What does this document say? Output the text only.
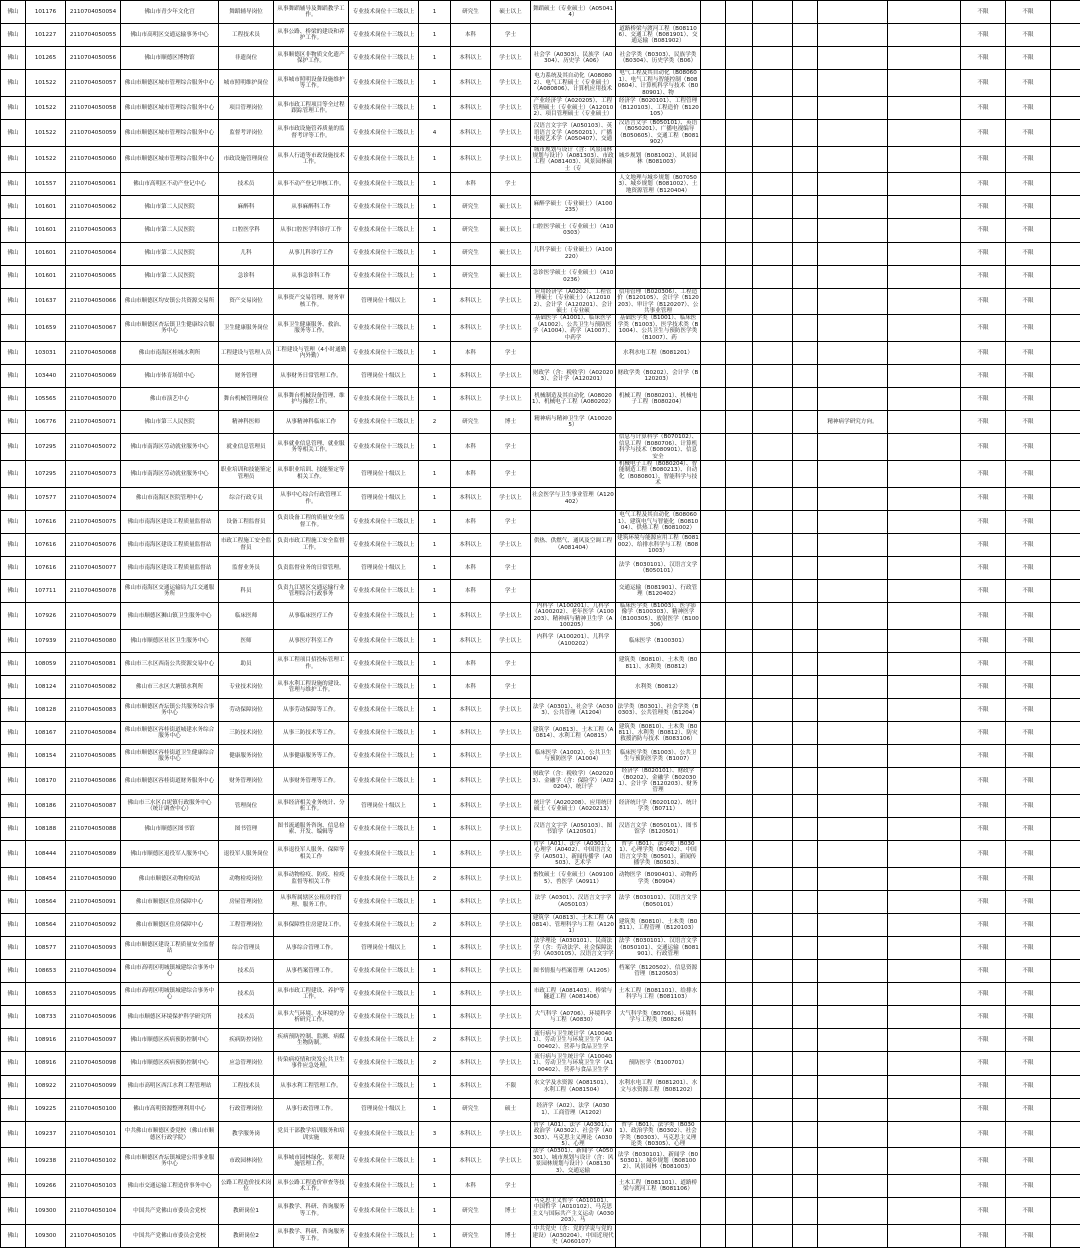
佛山	101176	2110704050054	佛山市青少年文化宫	舞蹈辅导岗位	从事舞蹈辅导及舞蹈教学工作。	专业技术岗位十三级以上	1	研究生	硕士以上	舞蹈硕士（专业硕士）（A050414）								不限	不限	
佛山	101227	2110704050055	佛山市高明区交通运输事务中心	工程技术员	从事公路、桥梁的建设和养护工作。	专业技术岗位十三级以上	1	本科	学士		道路桥梁与渡河工程（B081106）、交通工程（B081901）、交通运输（B081902）							不限	不限	
佛山	101265	2110704050056	佛山市顺德区博物馆	非遗岗位	从事顺德区非物质文化遗产保护工作。	专业技术岗位十三级以上	1	本科以上	学士以上	社会学（A0303）、民族学（A0304）、历史学（A06）	社会学类（B0303）、民族学类（B0304）、历史学类（B06）							不限	不限	
佛山	101522	2110704050057	佛山市顺德区城市管理综合服务中心	城市照明维护岗位	从事城市照明设备设施维护等工作。	专业技术岗位十三级以上	1	本科以上	学士以上	电力系统及其自动化（A080802）、电气工程硕士（专业硕士）（A080806）、计算机应用技术	电气工程及其自动化（B080601）、电气工程与智能控制（B080604）、计算机科学与技术（B080901）、物							不限	不限	
佛山	101522	2110704050058	佛山市顺德区城市管理综合服务中心	项目管理岗位	从事市政工程项目等全过程跟踪管理工作。	专业技术岗位十三级以上	1	本科以上	学士以上	产业经济学（A020205）、工程管理硕士（专业硕士）（A120102）、项目管理硕士（专业硕士）	经济学（B020101）、工程管理（B120103）、工程造价（B120105）							不限	不限	
佛山	101522	2110704050059	佛山市顺德区城市管理综合服务中心	监督考评岗位	从事市政设施管养质量的监督考评等工作。	专业技术岗位十三级以上	4	本科以上	学士以上	汉语言文字学（A050103）、英语语言文学（A050201）、广播电视艺术学（A050407）、交通	汉语言文学（B050101）、英语（B050201）、广播电视编导（B050605）、交通工程（B081902）							不限	不限	
佛山	101522	2110704050060	佛山市顺德区城市管理综合服务中心	市政设施管理岗位	从事人行道等市政设施技术工作。	专业技术岗位十三级以上	1	本科以上	学士以上	城市规划与设计（含：风景园林规划与设计）（A081303）、市政工程（A081403）、风景园林硕士（专	城乡规划（B081002）、风景园林（B081003）							不限	不限	
佛山	101557	2110704050061	佛山市高明区不动产登记中心	技术员	从事不动产登记审核工作。	专业技术岗位十三级以上	1	本科	学士		人文地理与城乡规划（B070503）、城乡规划（B081002）、土地资源管理（B120404）							不限	不限	
佛山	101601	2110704050062	佛山市第二人民医院	麻醉科	从事麻醉科工作	专业技术岗位十三级以上	1	研究生	硕士以上	麻醉学硕士（专业硕士）（A100235）								不限	不限	
佛山	101601	2110704050063	佛山市第二人民医院	口腔医学科	从事口腔医学科诊疗工作	专业技术岗位十三级以上	1	研究生	硕士以上	口腔医学硕士（专业硕士）（A100303）								不限	不限	
佛山	101601	2110704050064	佛山市第二人民医院	儿科	从事儿科诊疗工作	专业技术岗位十三级以上	1	研究生	硕士以上	儿科学硕士（专业硕士）（A100220）								不限	不限	
佛山	101601	2110704050065	佛山市第二人民医院	急诊科	从事急诊科工作	专业技术岗位十三级以上	1	研究生	硕士以上	急诊医学硕士（专业硕士）（A100236）								不限	不限	
佛山	101637	2110704050066	佛山市顺德区均安镇公共资源交易所	资产交易岗位	从事资产交易管理、财务审核工作。	管理岗位十级以上	1	本科以上	学士以上	应用经济学（A0202）、工程管理硕士（专业硕士）（A120102）、会计学（A120201）、会计硕士（专业硕	信用管理（B020306）、工程造价（B120105）、会计学（B120203）、审计学（B120207）、公共事业管理							不限	不限	
佛山	101659	2110704050067	佛山市顺德区杏坛镇卫生健康综合服务中心	卫生健康服务岗位	从事卫生健康服务、救治、服务等工作。	专业技术岗位十三级以上	1	本科以上	学士以上	基础医学（A1001）、临床医学（A1002）、公共卫生与预防医学（A1004）、药学（A1007）、中药学	基础医学类（B1001）、临床医学类（B1003）、医学技术类（B1004）、公共卫生与预防医学类（B1007）、药							不限	不限	
佛山	103031	2110704050068	佛山市南海区桂城水利所	工程建设与管理人员	工程建设与管理（4小时通勤内外勤）	专业技术岗位十三级以上	1	本科	学士		水利水电工程（B081201）							不限	不限	
佛山	103440	2110704050069	佛山市体育场馆中心	财务管理	从事财务日常管理工作。	管理岗位十级以上	1	本科以上	学士以上	财政学（含：税收学）（A020203）、会计学（A120201）	财政学类（B0202）、会计学（B120203）							不限	不限	
佛山	105565	2110704050070	佛山市演艺中心	舞台机械管理岗位	从事舞台机械设备管理、维护与操控工作。	专业技术岗位十三级以上	1	本科以上	学士以上	机械制造及其自动化（A080201）、机械电子工程（A080202）	机械工程（B080201）、机械电子工程（B080204）							不限	不限	
佛山	106776	2110704050071	佛山市第三人民医院	精神科医师	从事精神科临床工作	专业技术岗位十三级以上	2	研究生	博士	精神病与精神卫生学（A100205）						精神病学研究方向。		不限	不限	
佛山	107295	2110704050072	佛山市南海区劳动就业服务中心	就业信息管理员	从事就业信息管理、就业服务等相关工作。	专业技术岗位十三级以上	1	本科	学士		信息与计算科学（B070102）、信息工程（B080706）、计算机科学与技术（B080901）、信息安全							不限	不限	
佛山	107295	2110704050073	佛山市南海区劳动就业服务中心	职业培训和技能鉴定管理员	从事职业培训、技能鉴定等相关工作。	管理岗位十级以上	1	本科	学士		机械电子工程（B080204）、智能制造工程（B080213）、自动化（B080801）、智能科学与技术							不限	不限	
佛山	107577	2110704050074	佛山市南海区医院管理中心	综合行政专员	从事中心综合行政管理工作。	管理岗位十级以上	1	本科以上	学士以上	社会医学与卫生事业管理（A120402）								不限	不限	
佛山	107616	2110704050075	佛山市南海区建设工程质量监督站	设备工程监督员	负责设备工程的质量安全监督工作。	专业技术岗位十三级以上	1	本科	学士		电气工程及其自动化（B080601）、建筑电气与智能化（B081004）、供热工程（B081002）							不限	不限	
佛山	107616	2110704050076	佛山市南海区建设工程质量监督站	市政工程施工安全监督员	负责市政工程施工安全监督工作。	专业技术岗位十三级以上	1	本科以上	学士以上	供热、供燃气、通风及空调工程（A081404）	建筑环境与能源应用工程（B081002）、给排水科学与工程（B081003）							不限	不限	
佛山	107616	2110704050077	佛山市南海区建设工程质量监督站	监督业务员	负责监督业务的日常管理。	管理岗位十级以上	1	本科	学士		法学（B030101）、汉语言文学（B050101）							不限	不限	
佛山	107711	2110704050078	佛山市南海区交通运输局九江交通服务所	科员	负责九江辖区交通运输行业管理综合行政事务	专业技术岗位十三级以上	1	本科	学士		交通运输（B081901）、行政管理（B120402）							不限	不限	
佛山	107926	2110704050079	佛山市顺德区狮山镇卫生服务中心	临床医师	从事临床医疗工作	专业技术岗位十三级以上	1	本科以上	学士以上	内科学（A100201）、儿科学（A100202）、老年医学（A100203）、精神病与精神卫生学（A100205）	临床医学类（B1003）、医学影像学（B100303）、精神医学（B100305）、放射医学（B100306）							不限	不限	
佛山	107939	2110704050080	佛山市顺德区社区卫生服务中心	医师	从事医疗科室工作	专业技术岗位十三级以上	1	本科以上	学士以上	内科学（A100201）、儿科学（A100202）	临床医学（B100301）							不限	不限	
佛山	108059	2110704050081	佛山市三水区西南公共资源交易中心	助员	从事工程项目招投标管理工作。	专业技术岗位十三级以上	1	本科	学士		建筑类（B0810）、土木类（B0811）、水利类（B0812）							不限	不限	
佛山	108124	2110704050082	佛山市三水区大塘镇水利所	专业技术岗位	从事水利工程设施的建设、管理与维护工作。	专业技术岗位十三级以上	1	本科	学士		水利类（B0812）							不限	不限	
佛山	108128	2110704050083	佛山市顺德区杏坛镇公共服务综合事务中心	劳动保障岗位	从事劳动保障等工作。	专业技术岗位十三级以上	1	本科以上	学士以上	法学（A0301）、社会学（A0303）、公共管理（A1204）	法学类（B0301）、社会学类（B0303）、公共管理类（B1204）							不限	不限	
佛山	108167	2110704050084	佛山市顺德区容桂街道城建水务综合服务中心	三防技术岗位	从事三防技术等工作。	专业技术岗位十三级以上	1	本科以上	学士以上	建筑学（A0813）、土木工程（A0814）、水利工程（A0815）	建筑类（B0810）、土木类（B0811）、水利类（B0812）、防灾救援消防与技术（B083106）							不限	不限	
佛山	108154	2110704050085	佛山市顺德区容桂街道卫生健康综合服务中心	健康服务岗位	从事健康服务等工作。	专业技术岗位十三级以上	1	本科以上	学士以上	临床医学（A1002）、公共卫生与预防医学（A1004）	临床医学类（B1003）、公共卫生与预防医学类（B1007）							不限	不限	
佛山	108170	2110704050086	佛山市顺德区容桂街道财务服务中心	财务管理岗位	从事财务管理等工作。	专业技术岗位十三级以上	1	本科以上	学士以上	财政学（含：税收学）（A020203）、金融学（含：保险学）（A020204）、统计学	经济学（B020101）、财政学（B0202）、金融学（B020301）、会计学（B120203）、财务管理							不限	不限	
佛山	108186	2110704050087	佛山市三水区白坭镇行政服务中心（统计调查中心）	管理岗位	从事经济相关业务统计、分析工作。	管理岗位十级以上	1	本科以上	学士以上	统计学（A020208）、应用统计硕士（专业硕士）（A020213）	经济统计学（B020102）、统计学类（B0711）							不限	不限	
佛山	108188	2110704050088	佛山市顺德区图书馆	图书管理	图书流通服务咨询、信息检索、开发、编辑等	专业技术岗位十三级以上	1	本科以上	学士以上	汉语言文字学（A050103）、图书馆学（A120501）	汉语言文学（B050101）、图书馆学（B120501）							不限	不限	
佛山	108444	2110704050089	佛山市顺德区退役军人服务中心	退役军人服务岗位	从事退役军人服务、保障等相关工作	专业技术岗位十三级以上	1	本科以上	学士以上	哲学（A01）、法学（A0301）、心理学（A0402）、中国语言文学（A0501）、新闻传播学（A0503）、艺术学	哲学（B01）、法学类（B0301）、心理学类（B0402）、中国语言文学类（B0501）、新闻传播学类（B0503）、							不限	不限	
佛山	108454	2110704050090	佛山市顺德区动物检疫站	动物检疫岗位	从事动物检疫、防疫、检疫监督等相关工作	专业技术岗位十三级以上	2	本科以上	学士以上	畜牧硕士（专业硕士）（A091005）、兽医学（A0911）	动物医学（B090401）、动物药学类（B0904）							不限	不限	
佛山	108564	2110704050091	佛山市顺德区住房保障中心	房屋管理岗位	从事所属辖区公租房的管理、服务工作。	专业技术岗位十三级以上	1	本科以上	学士以上	法学（A0301）、汉语言文字学（A050103）	法学（B030101）、汉语言文学（B050101）							不限	不限	
佛山	108564	2110704050092	佛山市顺德区住房保障中心	工程管理岗位	从事保障性住房建设工作。	专业技术岗位十三级以上	2	本科以上	学士以上	建筑学（A0813）、土木工程（A0814）、管理科学与工程（A1201）	建筑类（B0810）、土木类（B0811）、工程管理（B120103）							不限	不限	
佛山	108577	2110704050093	佛山市顺德区建设工程质量安全监督站	综合管理员	从事综合管理工作。	管理岗位十级以上	1	本科以上	学士以上	法学理论（A030101）、民商法学（含：劳动法学、社会保障法学）（A030105）、汉语言文字学	法学（B030101）、汉语言文学（B050101）、交通运输（B081901）、行政管理							不限	不限	
佛山	108653	2110704050094	佛山市高明区明城镇城建综合事务中心	技术员	从事档案管理工作。	专业技术岗位十三级以上	1	本科以上	学士以上	图书情报与档案管理（A1205）	档案学（B120502）、信息资源管理（B120503）							不限	不限	
佛山	108653	2110704050095	佛山市高明区明城镇城建综合事务中心	技术员	从事市政工程建设、养护等工作。	专业技术岗位十三级以上	1	本科以上	学士以上	市政工程（A081403）、桥梁与隧道工程（A081406）	土木工程（B081101）、给排水科学与工程（B081103）							不限	不限	
佛山	108733	2110704050096	佛山市顺德区环境保护科学研究所	技术员	从事大气环境、水环境的分析研究工作。	专业技术岗位十三级以上	1	本科以上	学士以上	大气科学（A0706）、环境科学与工程（A0830）	大气科学类（B0706）、环境科学与工程类（B0826）							不限	不限	
佛山	108916	2110704050097	佛山市顺德区疾病预防控制中心	疾病防控岗位	疾病预防控制、监测、病媒生物防制。	专业技术岗位十三级以上	2	本科以上	学士以上	流行病与卫生统计学（A100401）、劳动卫生与环境卫生学（A100402）、营养与食品卫生学								不限	不限	
佛山	108916	2110704050098	佛山市顺德区疾病预防控制中心	应急管理岗位	传染病疫情和突发公共卫生事件应急处理。	专业技术岗位十三级以上	2	本科以上	学士以上	流行病与卫生统计学（A100401）、劳动卫生与环境卫生学（A100402）、营养与食品卫生学	预防医学（B100701）							不限	不限	
佛山	108922	2110704050099	佛山市高明区西江水利工程管理站	工程技术员	从事水利工程管理工作。	专业技术岗位十三级以上	1	本科以上	不限	水文学及水资源（A081501）、水利工程（A081504）	水利水电工程（B081201）、水文与水资源工程（B081202）							不限	不限	
佛山	109225	2110704050100	佛山市高明资源整理利用中心	行政管理岗位	从事行政管理工作。	管理岗位十级以上	1	研究生	硕士	经济学（A02）、法学（A0301）、工商管理（A1202）								不限	不限	
佛山	109237	2110704050101	中共佛山市顺德区委党校（佛山市顺德区行政学院）	教学服务岗	党员干部教学培训服务和培训实施	专业技术岗位十三级以上	3	本科以上	学士以上	哲学（A01）、法学（A0301）、政治学（A0302）、社会学（A0303）、马克思主义理论（A0305）、心理	哲学（B01）、法学类（B0301）、政治学类（B0302）、社会学类（B0303）、马克思主义理论类（B0305）、心理							不限	不限	
佛山	109238	2110704050102	佛山市顺德区杏坛镇城建公用事业服务中心	市政园林岗位	从事城市园林绿化、景观设施管理工作。	专业技术岗位十三级以上	1	本科以上	学士以上	法学（A0301）、新闻学（A050301）、城市规划与设计（含：风景园林规划与设计）（A081303）、交通运输	法学（B030101）、新闻学（B050301）、城乡规划（B081002）、风景园林（B081003）							不限	不限	
佛山	109266	2110704050103	佛山市交通运输工程造价事务中心	公路工程造价技术岗位	从事公路工程造价审查等技术工作。	专业技术岗位十三级以上	1	本科	学士		土木工程（B081101）、道路桥梁与渡河工程（B081106）							不限	不限	
佛山	109300	2110704050104	中国共产党佛山市委员会党校	教研岗位1	从事教学、科研、咨询服务等工作。	专业技术岗位十三级以上	1	研究生	博士	马克思主义哲学（A010101）、中国哲学（A010102）、马克思主义与国际共产主义运动（A030203）、马								不限	不限	
佛山	109300	2110704050105	中国共产党佛山市委员会党校	教研岗位2	从事教学、科研、咨询服务等工作。	专业技术岗位十三级以上	1	研究生	博士	中共党史（含：党的学说与党的建设）（A030204）、中国近现代史（A060107）								不限	不限	
